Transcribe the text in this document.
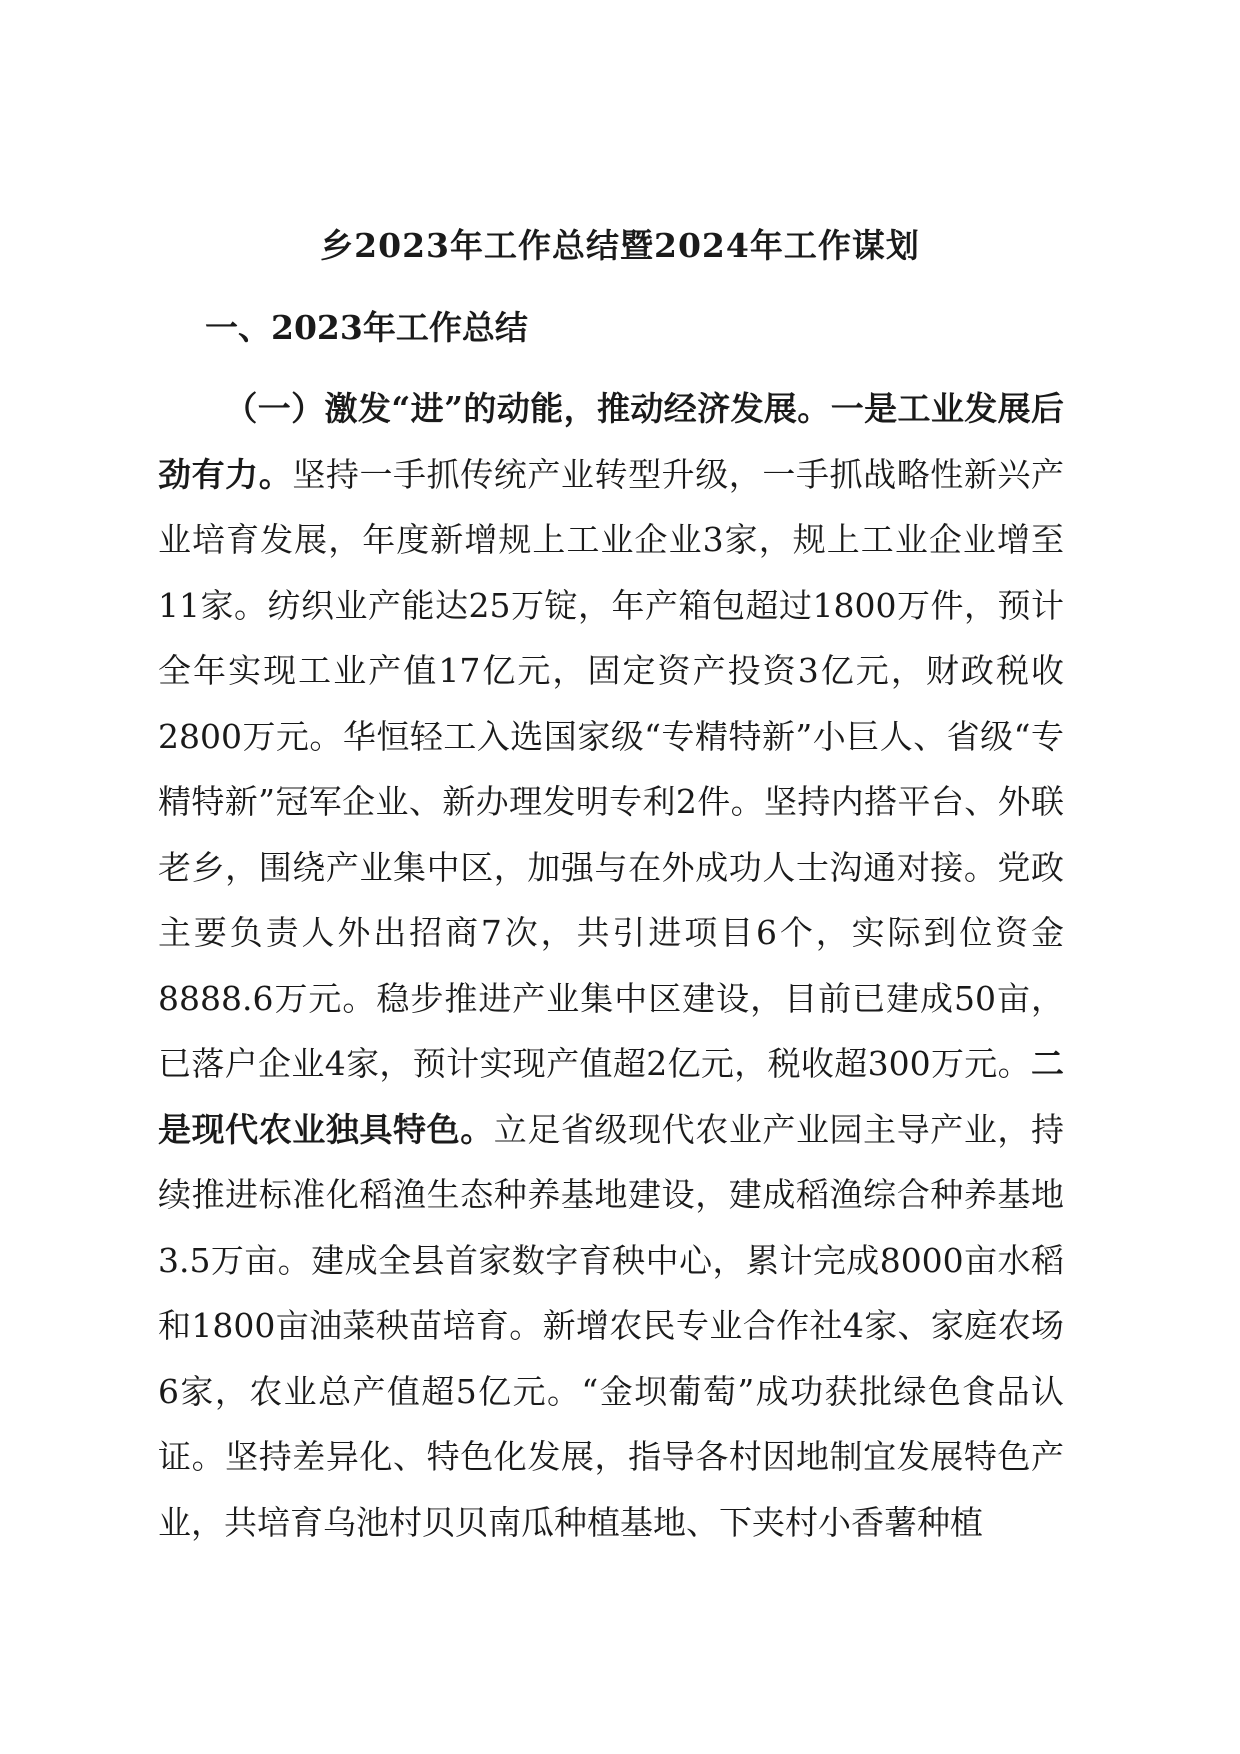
乡2023年工作总结暨2024年工作谋划
一、2023年工作总结

（一）激发“进”的动能，推动经济发展。一是工业发展后劲有力。坚持一手抓传统产业转型升级，一手抓战略性新兴产业培育发展，年度新增规上工业企业3家，规上工业企业增至11家。纺织业产能达25万锭，年产箱包超过1800万件，预计全年实现工业产值17亿元，固定资产投资3亿元，财政税收2800万元。华恒轻工入选国家级“专精特新”小巨人、省级“专精特新”冠军企业、新办理发明专利2件。坚持内搭平台、外联老乡，围绕产业集中区，加强与在外成功人士沟通对接。党政主要负责人外出招商7次，共引进项目6个，实际到位资金8888.6万元。稳步推进产业集中区建设，目前已建成50亩，已落户企业4家，预计实现产值超2亿元，税收超300万元。二是现代农业独具特色。立足省级现代农业产业园主导产业，持续推进标准化稻渔生态种养基地建设，建成稻渔综合种养基地3.5万亩。建成全县首家数字育秧中心，累计完成8000亩水稻和1800亩油菜秧苗培育。新增农民专业合作社4家、家庭农场6家，农业总产值超5亿元。“金坝葡萄”成功获批绿色食品认证。坚持差异化、特色化发展，指导各村因地制宜发展特色产业，共培育乌池村贝贝南瓜种植基地、下夹村小香薯种植
